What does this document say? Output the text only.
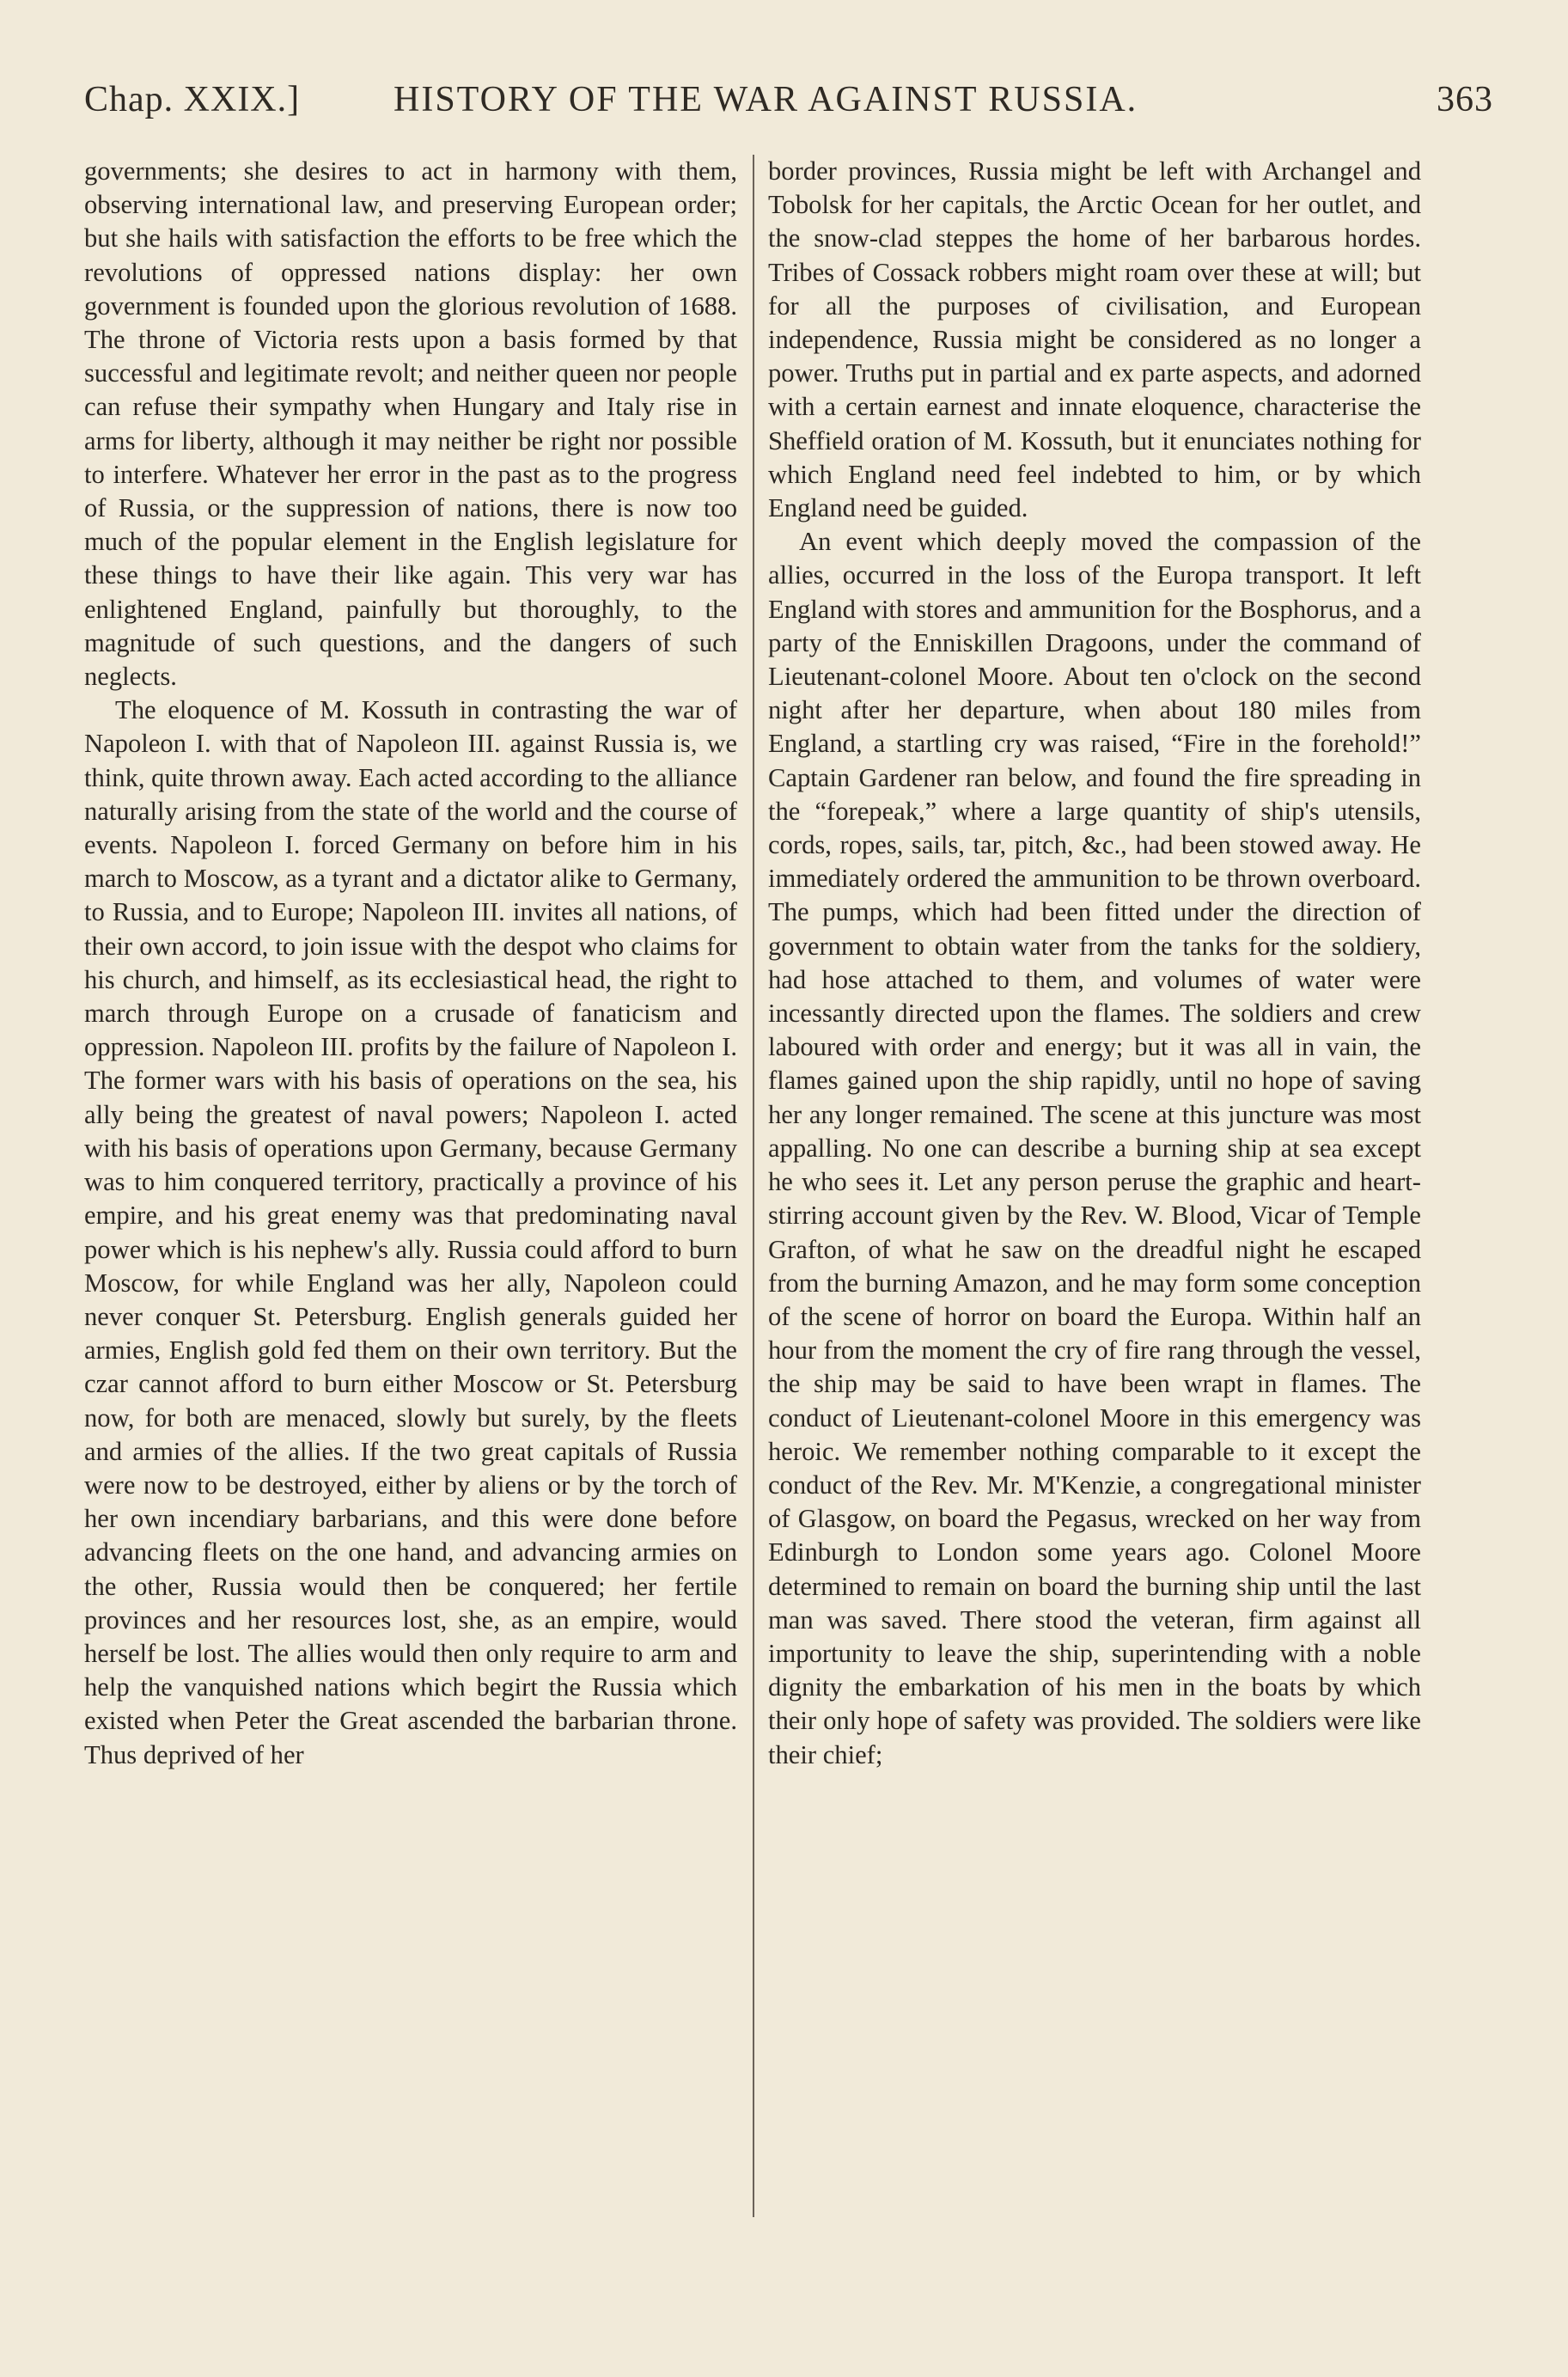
Chap. XXIX.]	HISTORY OF THE WAR AGAINST RUSSIA.	363

governments; she desires to act in harmony with them, observing international law, and preserving European order; but she hails with satisfaction the efforts to be free which the revolutions of oppressed nations display: her own government is founded upon the glorious revolution of 1688. The throne of Victoria rests upon a basis formed by that successful and legitimate revolt; and neither queen nor people can refuse their sympathy when Hungary and Italy rise in arms for liberty, although it may neither be right nor possible to interfere. Whatever her error in the past as to the progress of Russia, or the suppression of nations, there is now too much of the popular element in the English legislature for these things to have their like again. This very war has enlightened England, painfully but thoroughly, to the magnitude of such questions, and the dangers of such neglects.

The eloquence of M. Kossuth in contrasting the war of Napoleon I. with that of Napoleon III. against Russia is, we think, quite thrown away. Each acted according to the alliance naturally arising from the state of the world and the course of events. Napoleon I. forced Germany on before him in his march to Moscow, as a tyrant and a dictator alike to Germany, to Russia, and to Europe; Napoleon III. invites all nations, of their own accord, to join issue with the despot who claims for his church, and himself, as its ecclesiastical head, the right to march through Europe on a crusade of fanaticism and oppression. Napoleon III. profits by the failure of Napoleon I. The former wars with his basis of operations on the sea, his ally being the greatest of naval powers; Napoleon I. acted with his basis of operations upon Germany, because Germany was to him conquered territory, practically a province of his empire, and his great enemy was that predominating naval power which is his nephew's ally. Russia could afford to burn Moscow, for while England was her ally, Napoleon could never conquer St. Petersburg. English generals guided her armies, English gold fed them on their own territory. But the czar cannot afford to burn either Moscow or St. Petersburg now, for both are menaced, slowly but surely, by the fleets and armies of the allies. If the two great capitals of Russia were now to be destroyed, either by aliens or by the torch of her own incendiary barbarians, and this were done before advancing fleets on the one hand, and advancing armies on the other, Russia would then be conquered; her fertile provinces and her resources lost, she, as an empire, would herself be lost. The allies would then only require to arm and help the vanquished nations which begirt the Russia which existed when Peter the Great ascended the barbarian throne. Thus deprived of her

border provinces, Russia might be left with Archangel and Tobolsk for her capitals, the Arctic Ocean for her outlet, and the snow-clad steppes the home of her barbarous hordes. Tribes of Cossack robbers might roam over these at will; but for all the purposes of civilisation, and European independence, Russia might be considered as no longer a power. Truths put in partial and ex parte aspects, and adorned with a certain earnest and innate eloquence, characterise the Sheffield oration of M. Kossuth, but it enunciates nothing for which England need feel indebted to him, or by which England need be guided.

An event which deeply moved the compassion of the allies, occurred in the loss of the Europa transport. It left England with stores and ammunition for the Bosphorus, and a party of the Enniskillen Dragoons, under the command of Lieutenant-colonel Moore. About ten o'clock on the second night after her departure, when about 180 miles from England, a startling cry was raised, “Fire in the forehold!” Captain Gardener ran below, and found the fire spreading in the “forepeak,” where a large quantity of ship's utensils, cords, ropes, sails, tar, pitch, &c., had been stowed away. He immediately ordered the ammunition to be thrown overboard. The pumps, which had been fitted under the direction of government to obtain water from the tanks for the soldiery, had hose attached to them, and volumes of water were incessantly directed upon the flames. The soldiers and crew laboured with order and energy; but it was all in vain, the flames gained upon the ship rapidly, until no hope of saving her any longer remained. The scene at this juncture was most appalling. No one can describe a burning ship at sea except he who sees it. Let any person peruse the graphic and heart-stirring account given by the Rev. W. Blood, Vicar of Temple Grafton, of what he saw on the dreadful night he escaped from the burning Amazon, and he may form some conception of the scene of horror on board the Europa. Within half an hour from the moment the cry of fire rang through the vessel, the ship may be said to have been wrapt in flames. The conduct of Lieutenant-colonel Moore in this emergency was heroic. We remember nothing comparable to it except the conduct of the Rev. Mr. M'Kenzie, a congregational minister of Glasgow, on board the Pegasus, wrecked on her way from Edinburgh to London some years ago. Colonel Moore determined to remain on board the burning ship until the last man was saved. There stood the veteran, firm against all importunity to leave the ship, superintending with a noble dignity the embarkation of his men in the boats by which their only hope of safety was provided. The soldiers were like their chief;
